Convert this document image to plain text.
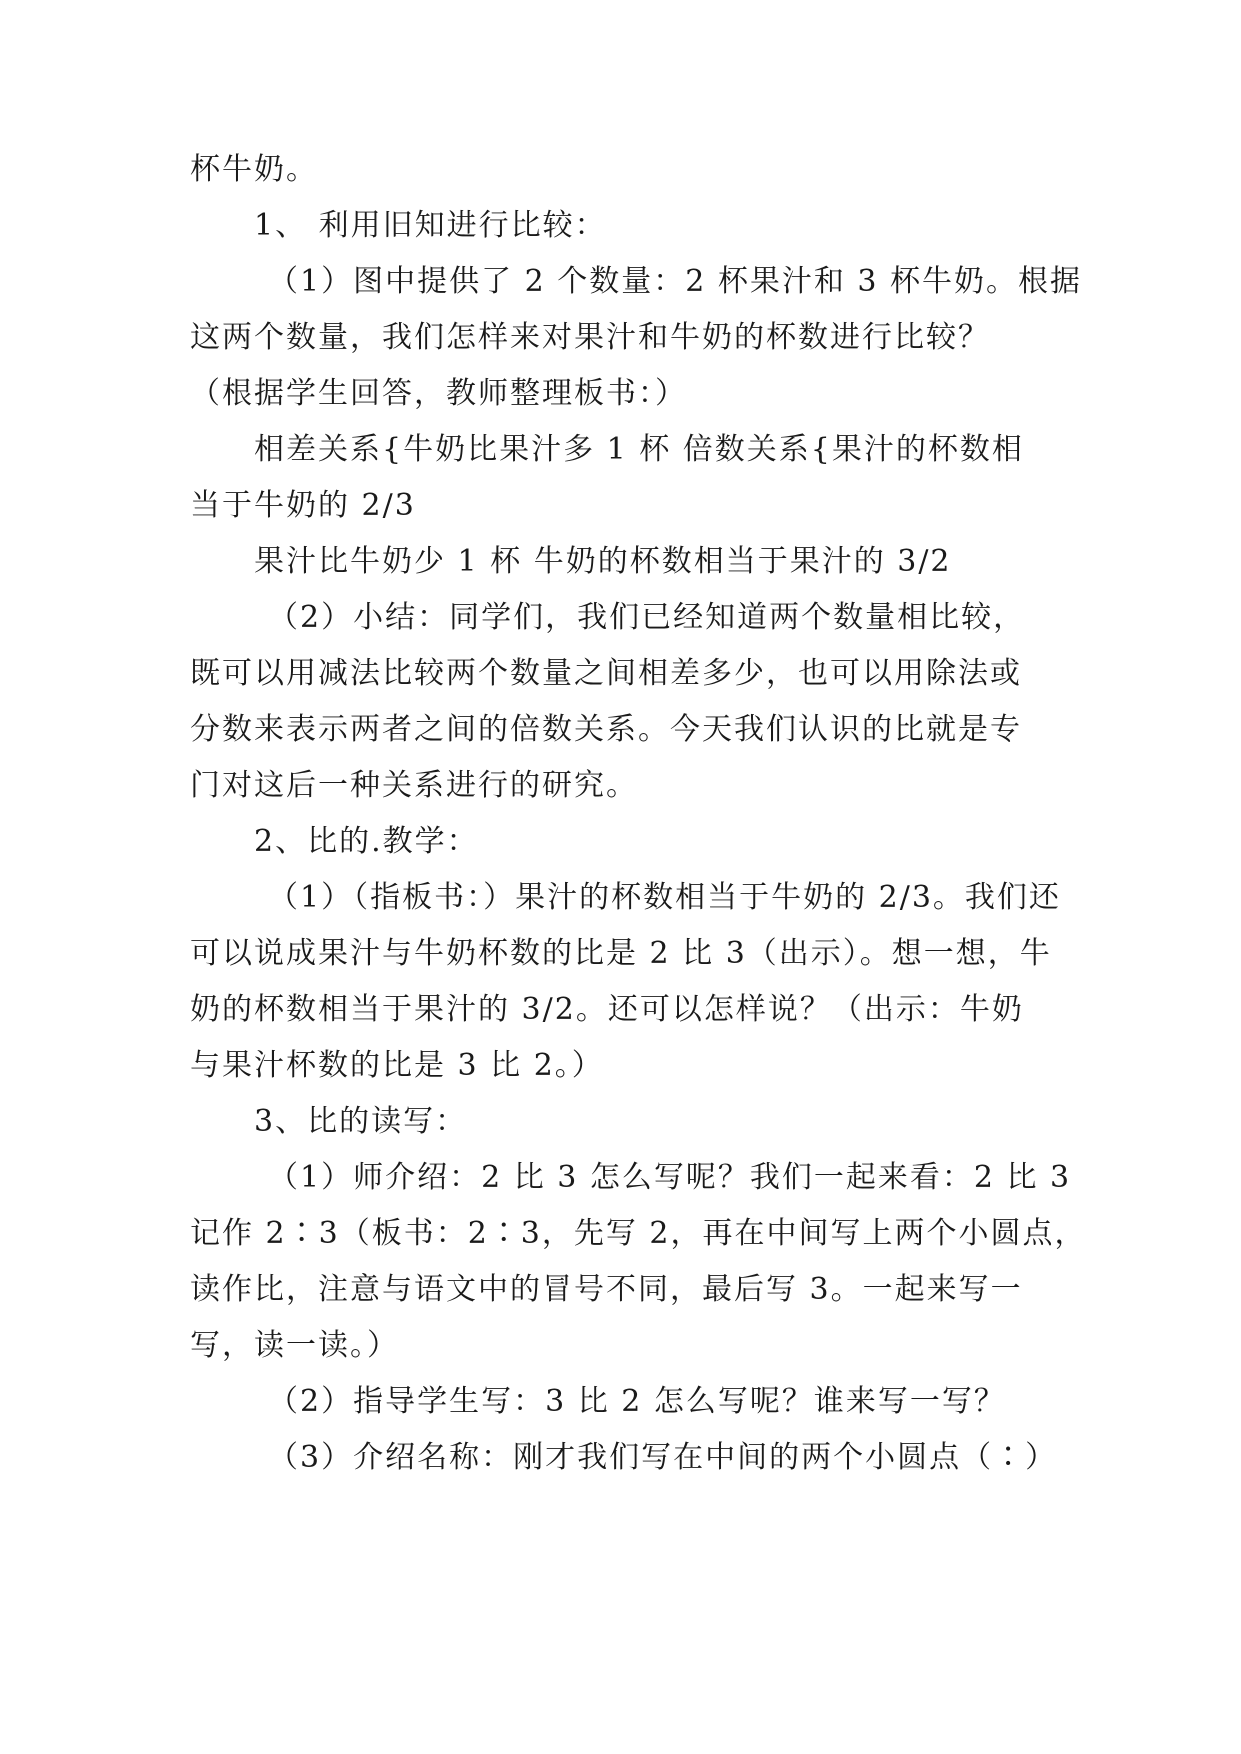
杯牛奶。
1、 利用旧知进行比较：
（1）图中提供了 2 个数量：2 杯果汁和 3 杯牛奶。根据
这两个数量，我们怎样来对果汁和牛奶的杯数进行比较？
（根据学生回答，教师整理板书：）
相差关系{牛奶比果汁多 1 杯 倍数关系{果汁的杯数相
当于牛奶的 2/3
果汁比牛奶少 1 杯 牛奶的杯数相当于果汁的 3/2
（2）小结：同学们，我们已经知道两个数量相比较，
既可以用减法比较两个数量之间相差多少，也可以用除法或
分数来表示两者之间的倍数关系。今天我们认识的比就是专
门对这后一种关系进行的研究。
2、比的.教学：
（1）（指板书：）果汁的杯数相当于牛奶的 2/3。我们还
可以说成果汁与牛奶杯数的比是 2 比 3（出示）。想一想，牛
奶的杯数相当于果汁的 3/2。还可以怎样说？（出示：牛奶
与果汁杯数的比是 3 比 2。）
3、比的读写：
（1）师介绍：2 比 3 怎么写呢？我们一起来看：2 比 3
记作 2∶3（板书：2∶3，先写 2，再在中间写上两个小圆点，
读作比，注意与语文中的冒号不同，最后写 3。一起来写一
写，读一读。）
（2）指导学生写：3 比 2 怎么写呢？谁来写一写？
（3）介绍名称：刚才我们写在中间的两个小圆点（∶）
